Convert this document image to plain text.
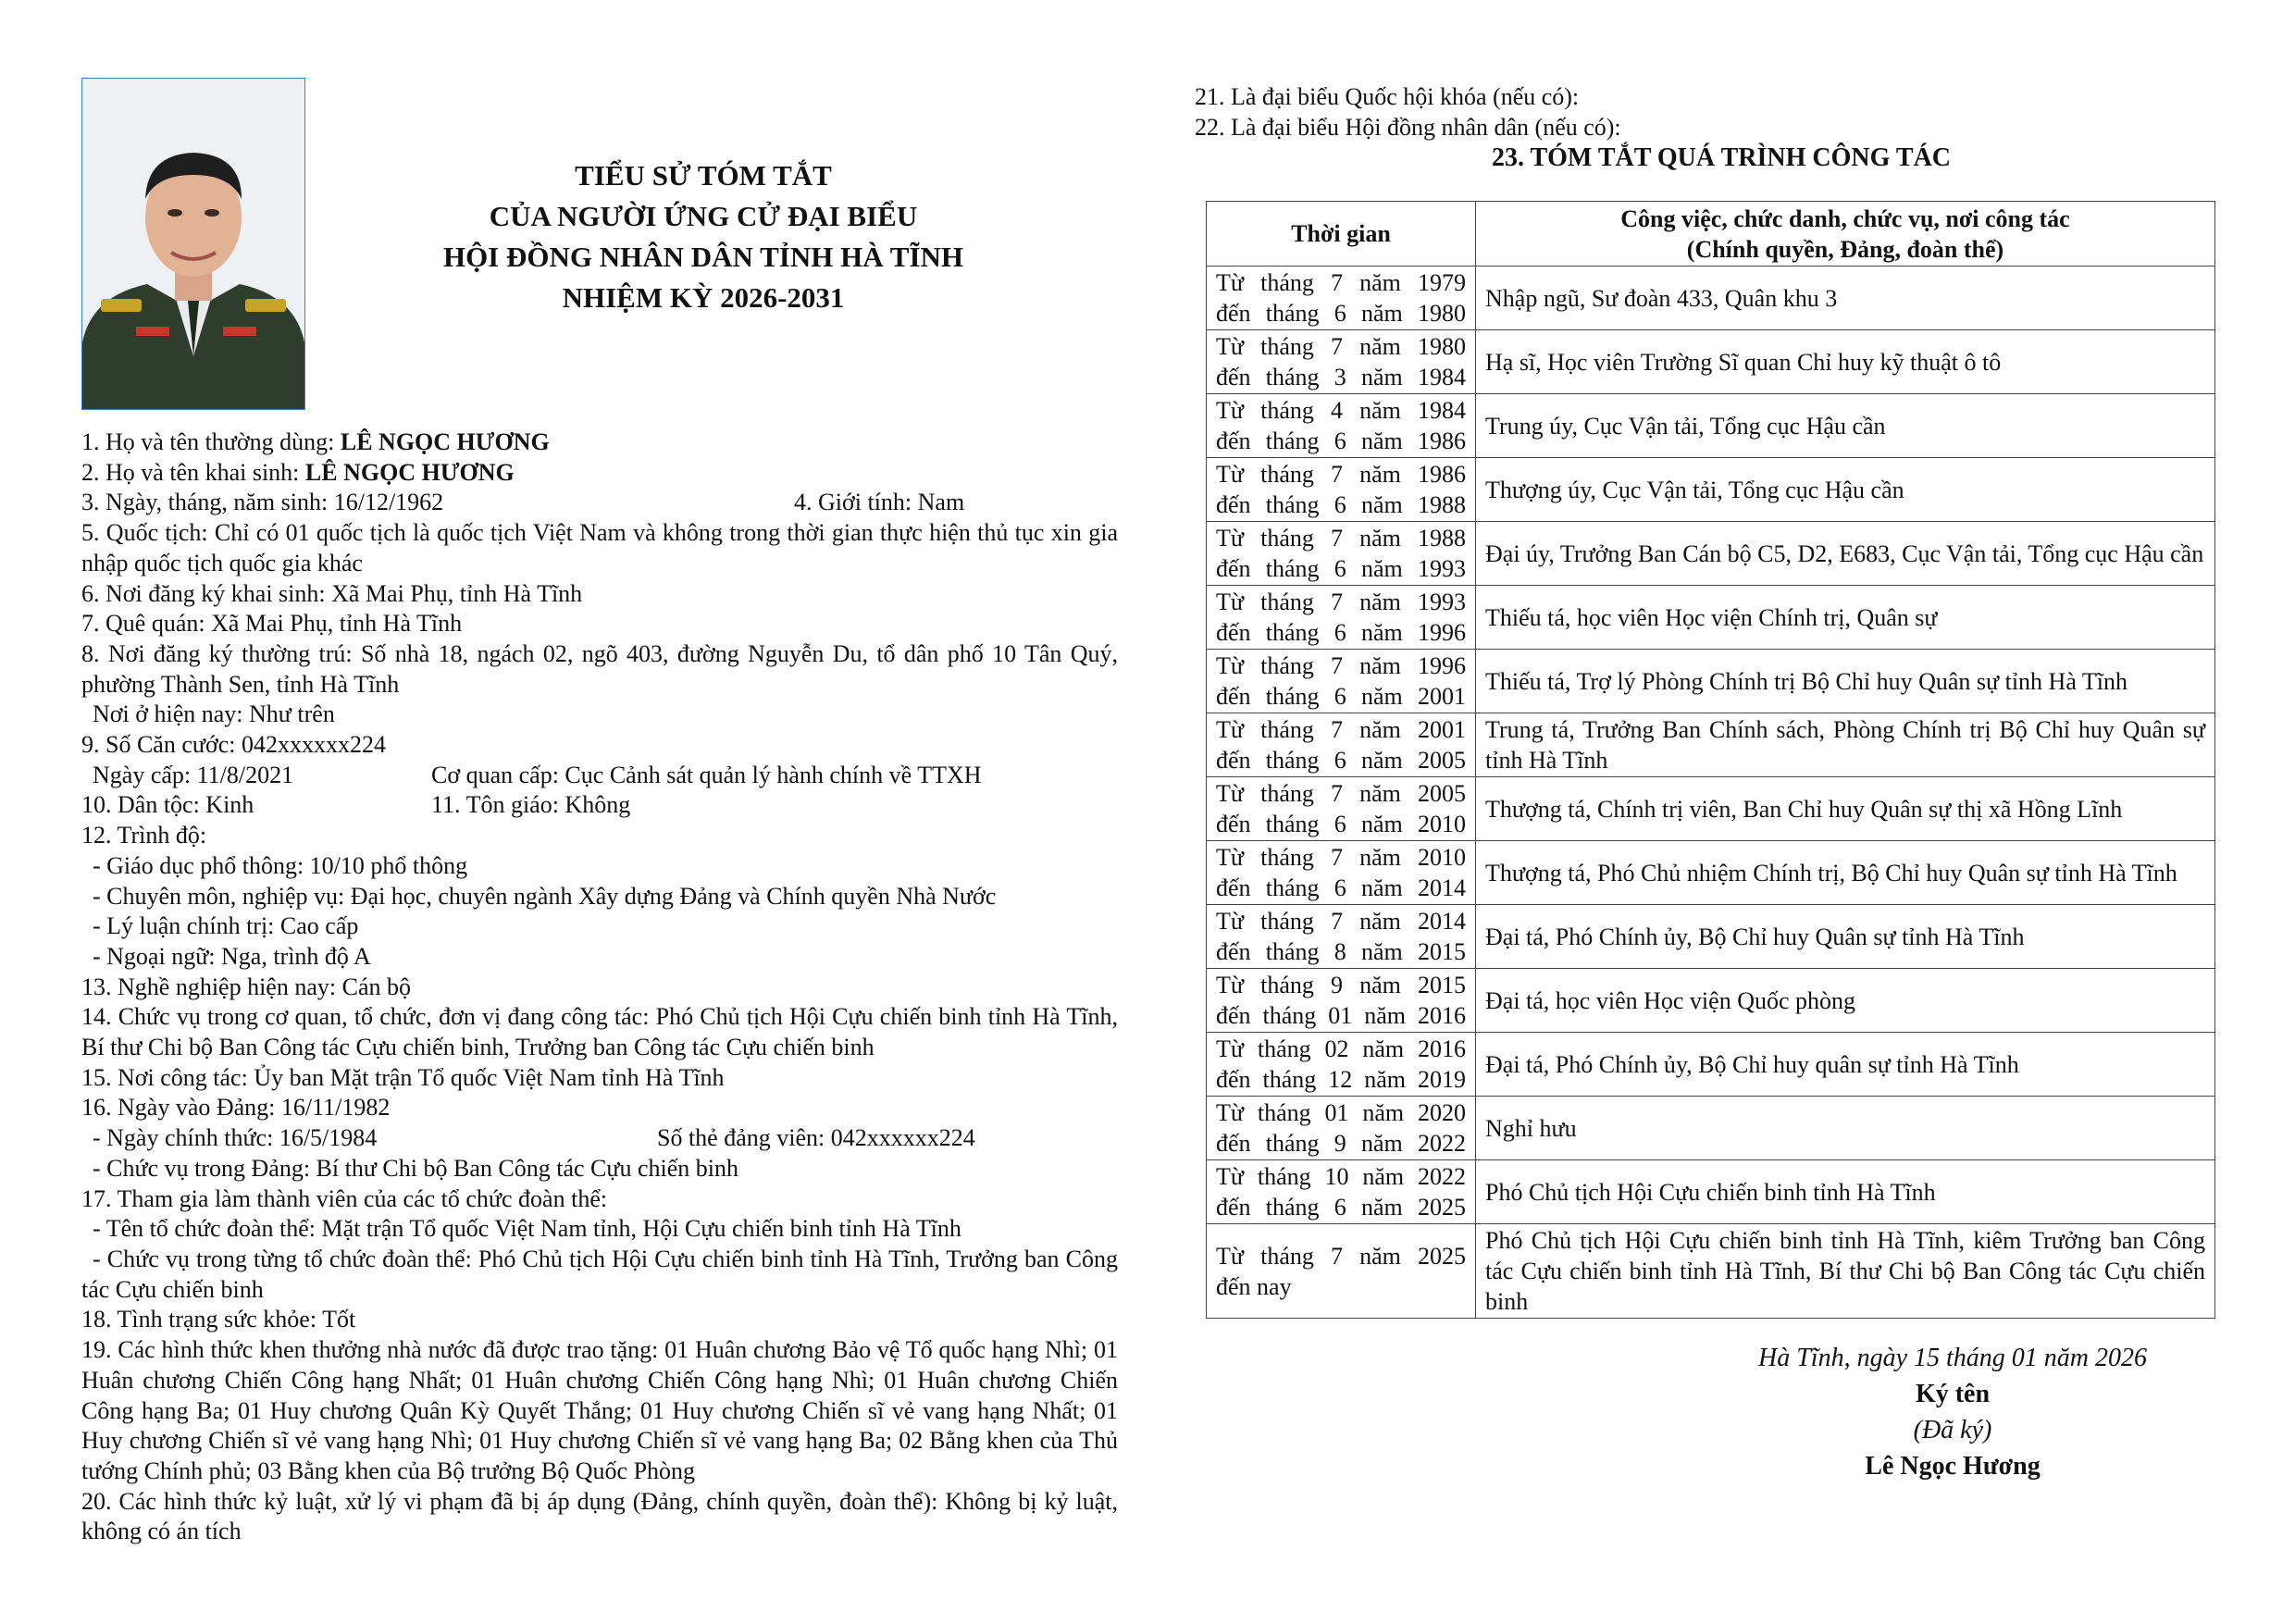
TIỂU SỬ TÓM TẮT
CỦA NGƯỜI ỨNG CỬ ĐẠI BIỂU
HỘI ĐỒNG NHÂN DÂN TỈNH HÀ TĨNH
NHIỆM KỲ 2026-2031
1. Họ và tên thường dùng: LÊ NGỌC HƯƠNG
2. Họ và tên khai sinh: LÊ NGỌC HƯƠNG
3. Ngày, tháng, năm sinh: 16/12/1962	4. Giới tính: Nam
5. Quốc tịch: Chỉ có 01 quốc tịch là quốc tịch Việt Nam và không trong thời gian thực hiện thủ tục xin gia nhập quốc tịch quốc gia khác
6. Nơi đăng ký khai sinh: Xã Mai Phụ, tỉnh Hà Tĩnh
7. Quê quán: Xã Mai Phụ, tỉnh Hà Tĩnh
8. Nơi đăng ký thường trú: Số nhà 18, ngách 02, ngõ 403, đường Nguyễn Du, tổ dân phố 10 Tân Quý, phường Thành Sen, tỉnh Hà Tĩnh
Nơi ở hiện nay: Như trên
9. Số Căn cước: 042xxxxxx224
Ngày cấp: 11/8/2021	Cơ quan cấp: Cục Cảnh sát quản lý hành chính về TTXH
10. Dân tộc: Kinh	11. Tôn giáo: Không
12. Trình độ:
- Giáo dục phổ thông: 10/10 phổ thông
- Chuyên môn, nghiệp vụ: Đại học, chuyên ngành Xây dựng Đảng và Chính quyền Nhà Nước
- Lý luận chính trị: Cao cấp
- Ngoại ngữ: Nga, trình độ A
13. Nghề nghiệp hiện nay: Cán bộ
14. Chức vụ trong cơ quan, tổ chức, đơn vị đang công tác: Phó Chủ tịch Hội Cựu chiến binh tỉnh Hà Tĩnh, Bí thư Chi bộ Ban Công tác Cựu chiến binh, Trưởng ban Công tác Cựu chiến binh
15. Nơi công tác: Ủy ban Mặt trận Tổ quốc Việt Nam tỉnh Hà Tĩnh
16. Ngày vào Đảng: 16/11/1982
- Ngày chính thức: 16/5/1984	Số thẻ đảng viên: 042xxxxxx224
- Chức vụ trong Đảng: Bí thư Chi bộ Ban Công tác Cựu chiến binh
17. Tham gia làm thành viên của các tổ chức đoàn thể:
- Tên tổ chức đoàn thể: Mặt trận Tổ quốc Việt Nam tỉnh, Hội Cựu chiến binh tỉnh Hà Tĩnh
- Chức vụ trong từng tổ chức đoàn thể: Phó Chủ tịch Hội Cựu chiến binh tỉnh Hà Tĩnh, Trưởng ban Công tác Cựu chiến binh
18. Tình trạng sức khỏe: Tốt
19. Các hình thức khen thưởng nhà nước đã được trao tặng: 01 Huân chương Bảo vệ Tổ quốc hạng Nhì; 01 Huân chương Chiến Công hạng Nhất; 01 Huân chương Chiến Công hạng Nhì; 01 Huân chương Chiến Công hạng Ba; 01 Huy chương Quân Kỳ Quyết Thắng; 01 Huy chương Chiến sĩ vẻ vang hạng Nhất; 01 Huy chương Chiến sĩ vẻ vang hạng Nhì; 01 Huy chương Chiến sĩ vẻ vang hạng Ba; 02 Bằng khen của Thủ tướng Chính phủ; 03 Bằng khen của Bộ trưởng Bộ Quốc Phòng
20. Các hình thức kỷ luật, xử lý vi phạm đã bị áp dụng (Đảng, chính quyền, đoàn thể): Không bị kỷ luật, không có án tích
21. Là đại biểu Quốc hội khóa (nếu có):
22. Là đại biểu Hội đồng nhân dân (nếu có):
23. TÓM TẮT QUÁ TRÌNH CÔNG TÁC
Thời gian	Công việc, chức danh, chức vụ, nơi công tác
(Chính quyền, Đảng, đoàn thể)

Từ tháng 7 năm 1979
đến tháng 6 năm 1980	Nhập ngũ, Sư đoàn 433, Quân khu 3

Từ tháng 7 năm 1980
đến tháng 3 năm 1984	Hạ sĩ, Học viên Trường Sĩ quan Chỉ huy kỹ thuật ô tô

Từ tháng 4 năm 1984
đến tháng 6 năm 1986	Trung úy, Cục Vận tải, Tổng cục Hậu cần

Từ tháng 7 năm 1986
đến tháng 6 năm 1988	Thượng úy, Cục Vận tải, Tổng cục Hậu cần

Từ tháng 7 năm 1988
đến tháng 6 năm 1993	Đại úy, Trưởng Ban Cán bộ C5, D2, E683, Cục Vận tải, Tổng cục Hậu cần

Từ tháng 7 năm 1993
đến tháng 6 năm 1996	Thiếu tá, học viên Học viện Chính trị, Quân sự

Từ tháng 7 năm 1996
đến tháng 6 năm 2001	Thiếu tá, Trợ lý Phòng Chính trị Bộ Chỉ huy Quân sự tỉnh Hà Tĩnh

Từ tháng 7 năm 2001
đến tháng 6 năm 2005	Trung tá, Trưởng Ban Chính sách, Phòng Chính trị Bộ Chỉ huy Quân sự tỉnh Hà Tĩnh

Từ tháng 7 năm 2005
đến tháng 6 năm 2010	Thượng tá, Chính trị viên, Ban Chỉ huy Quân sự thị xã Hồng Lĩnh

Từ tháng 7 năm 2010
đến tháng 6 năm 2014	Thượng tá, Phó Chủ nhiệm Chính trị, Bộ Chỉ huy Quân sự tỉnh Hà Tĩnh

Từ tháng 7 năm 2014
đến tháng 8 năm 2015	Đại tá, Phó Chính ủy, Bộ Chỉ huy Quân sự tỉnh Hà Tĩnh

Từ tháng 9 năm 2015
đến tháng 01 năm 2016	Đại tá, học viên Học viện Quốc phòng

Từ tháng 02 năm 2016
đến tháng 12 năm 2019	Đại tá, Phó Chính ủy, Bộ Chỉ huy quân sự tỉnh Hà Tĩnh

Từ tháng 01 năm 2020
đến tháng 9 năm 2022	Nghỉ hưu

Từ tháng 10 năm 2022
đến tháng 6 năm 2025	Phó Chủ tịch Hội Cựu chiến binh tỉnh Hà Tĩnh

Từ tháng 7 năm 2025
đến nay	Phó Chủ tịch Hội Cựu chiến binh tỉnh Hà Tĩnh, kiêm Trưởng ban Công tác Cựu chiến binh tỉnh Hà Tĩnh, Bí thư Chi bộ Ban Công tác Cựu chiến binh
Hà Tĩnh, ngày 15 tháng 01 năm 2026
Ký tên
(Đã ký)
Lê Ngọc Hương
